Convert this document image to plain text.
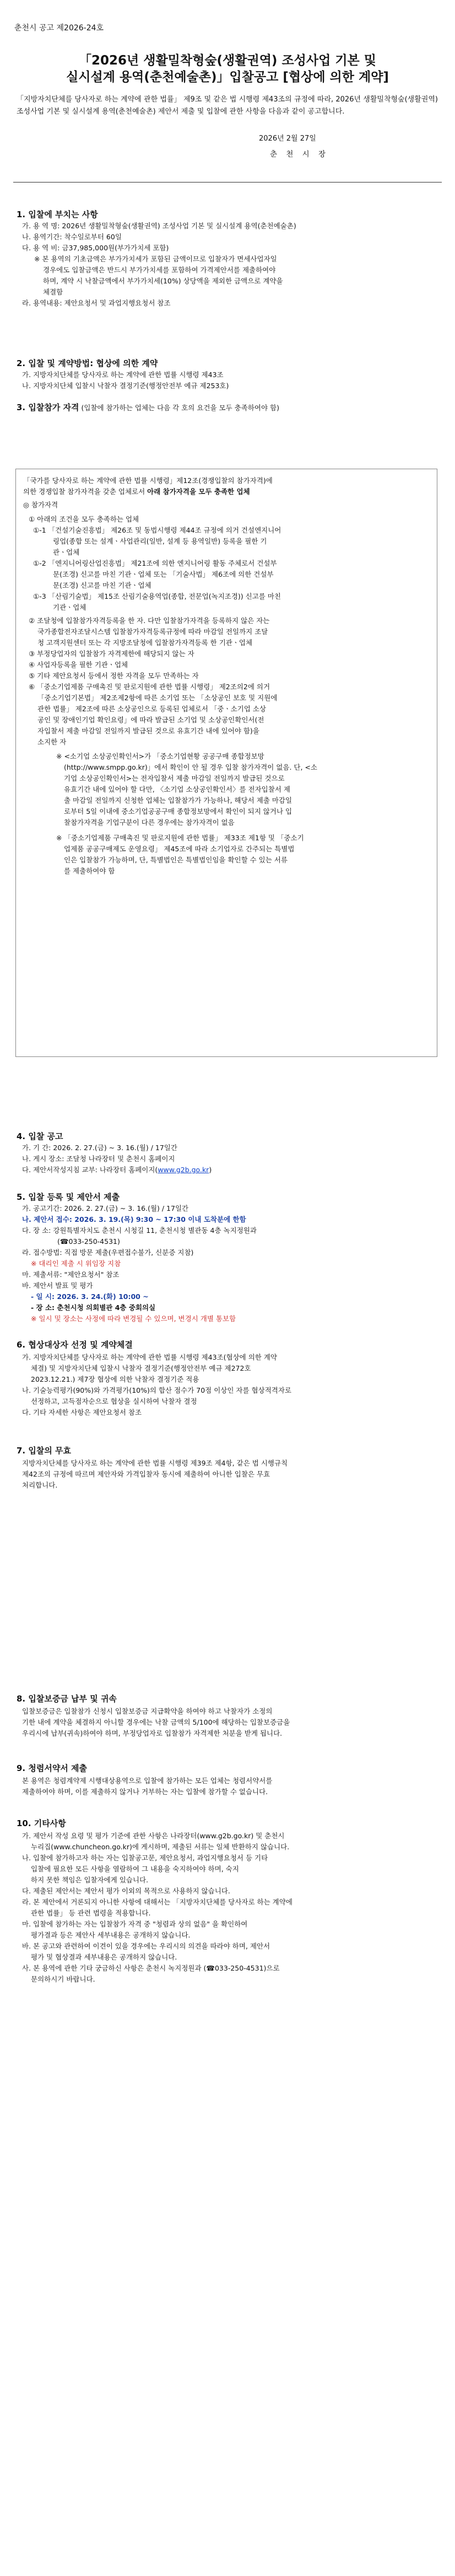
춘천시 공고 제2026-24호
「2026년 생활밀착형숲(생활권역) 조성사업 기본 및
실시설계 용역(춘천예술촌)」입찰공고 [협상에 의한 계약]
「지방자치단체를 당사자로 하는 계약에 관한 법률」 제9조 및 같은 법 시행령 제43조의 규정에 따라, 2026년 생활밀착형숲(생활권역) 조성사업 기본 및 실시설계 용역(춘천예술촌) 제안서 제출 및 입찰에 관한 사항을 다음과 같이 공고합니다.
2026년 2월 27일
춘 천 시 장
1. 입찰에 부치는 사항
가. 용 역 명: 2026년 생활밀착형숲(생활권역) 조성사업 기본 및 실시설계 용역(춘천예술촌)
나. 용역기간: 착수일로부터 60일
다. 용 역 비: 금37,985,000원(부가가치세 포함)
※ 본 용역의 기초금액은 부가가치세가 포함된 금액이므로 입찰자가 면세사업자일
경우에도 입찰금액은 반드시 부가가치세를 포함하여 가격제안서를 제출하여야
하며, 계약 시 낙찰금액에서 부가가치세(10%) 상당액을 제외한 금액으로 계약을
체결함
라. 용역내용: 제안요청서 및 과업지행요청서 참조
2. 입찰 및 계약방법: 협상에 의한 계약
가. 지방자치단체를 당사자로 하는 계약에 관한 법률 시행령 제43조
나. 지방자치단체 입찰시 낙찰자 결정기준(행정안전부 예규 제253호)
3. 입찰참가 자격 (입찰에 참가하는 업체는 다음 각 호의 요건을 모두 충족하여야 함)
「국가를 당사자로 하는 계약에 관한 법률 시행령」제12조(경쟁입찰의 참가자격)에
의한 경쟁입찰 참가자격을 갖춘 업체로서 아래 참가자격을 모두 충족한 업체
◎ 참가자격
① 아래의 조건을 모두 충족하는 업체
①-1 「건설기술진흥법」 제26조 및 동법시행령 제44조 규정에 의거 건설엔지니어
링업(종합 또는 설계ㆍ사업관리(일반, 설계 등 용역일반) 등록을 필한 기
관ㆍ업체
①-2 「엔지니어링산업진흥법」 제21조에 의한 엔지니어링 활동 주체로서 건설부
문(조경) 신고를 마친 기관ㆍ업체 또는 「기술사법」 제6조에 의한 건설부
문(조경) 신고를 마친 기관ㆍ업체
①-3 「산림기술법」 제15조 산림기술용역업(종합, 전문업(녹지조경)) 신고를 마친
기관ㆍ업체
② 조달청에 입찰참가자격등록을 한 자. 다만 입찰참가자격을 등록하지 않은 자는
국가종합전자조달시스템 입찰참가자격등록규정에 따라 마감일 전일까지 조달
청 고객지원센터 또는 각 지방조달청에 입찰참가자격등록 한 기관ㆍ업체
③ 부정당업자의 입찰참가 자격제한에 해당되지 않는 자
④ 사업자등록을 필한 기관ㆍ업체
⑤ 기타 제안요청서 등에서 정한 자격을 모두 만족하는 자
⑥ 「중소기업제품 구매촉진 및 판로지원에 관한 법률 시행령」 제2조의2에 의거
「중소기업기본법」 제2조제2항에 따른 소기업 또는 「소상공인 보호 및 지원에
관한 법률」 제2조에 따른 소상공인으로 등록된 업체로서 「중ㆍ소기업 소상
공인 및 장애인기업 확인요령」에 따라 발급된 소기업 및 소상공인확인서(전
자입찰서 제출 마감일 전일까지 발급된 것으로 유효기간 내에 있어야 함)을
소지한 자
※ <소기업 소상공인확인서>가 「중소기업현황 공공구매 종합정보망
(http://www.smpp.go.kr)」에서 확인이 안 될 경우 입찰 참가자격이 없음. 단, <소
기업 소상공인확인서>는 전자입찰서 제출 마감일 전일까지 발급된 것으로
유효기간 내에 있어야 할 다만, 〈소기업 소상공인확인서〉를 전자입찰서 제
출 마감일 전일까지 신청한 업체는 입찰참가가 가능하나, 해당서 제출 마감일
로부터 5일 이내에 중소기업공공구매 종합정보망에서 확인이 되지 않거나 입
찰참가자격을 기업구분이 다른 경우에는 참가자격이 없음
※ 「중소기업제품 구매촉진 및 판로지원에 관한 법률」 제33조 제1항 및 「중소기
업제품 공공구매제도 운영요령」 제45조에 따라 소기업자로 간주되는 특별법
인은 입찰참가 가능하며, 단, 특별법인은 특별법인임을 확인할 수 있는 서류
를 제출하여야 함
4. 입찰 공고
가. 기 간: 2026. 2. 27.(금) ~ 3. 16.(월) / 17일간
나. 게시 장소: 조달청 나라장터 및 춘천시 홈페이지
다. 제안서작성지침 교부: 나라장터 홈페이지(www.g2b.go.kr)
5. 입찰 등록 및 제안서 제출
가. 공고기간: 2026. 2. 27.(금) ~ 3. 16.(월) / 17일간
나. 제안서 접수: 2026. 3. 19.(목) 9:30 ~ 17:30 이내 도착분에 한함
다. 장 소: 강원특별자치도 춘천시 시청길 11, 춘천시청 별관동 4층 녹지정원과
(☎033-250-4531)
라. 접수방법: 직접 방문 제출(우편접수불가, 신분증 지참)
※ 대리인 제출 시 위임장 지참
마. 제출서류: "제안요청서" 참조
바. 제안서 발표 및 평가
- 일 시: 2026. 3. 24.(화) 10:00 ~
- 장 소: 춘천시청 의회별관 4층 중회의실
※ 일시 및 장소는 사정에 따라 변경될 수 있으며, 변경시 개별 통보함
6. 협상대상자 선정 및 계약체결
가. 지방자치단체를 당사자로 하는 계약에 관한 법률 시행령 제43조(협상에 의한 계약
체결) 및 지방자치단체 입찰시 낙찰자 결정기준(행정안전부 예규 제272호
2023.12.21.) 제7장 협상에 의한 낙찰자 결정기준 적용
나. 기술능력평가(90%)와 가격평가(10%)의 합산 점수가 70점 이상인 자를 협상적격자로
선정하고, 고득점자순으로 협상을 실시하여 낙찰자 결정
다. 기타 자세한 사항은 제안요청서 참조
7. 입찰의 무효
지방자치단체를 당사자로 하는 계약에 관한 법률 시행령 제39조 제4항, 같은 법 시행규칙
제42조의 규정에 따르며 제안자와 가격입찰자 동시에 제출하여 아니한 입찰은 무효
처리합니다.
8. 입찰보증금 납부 및 귀속
입찰보증금은 입찰참가 신청시 입찰보증금 지급확약을 하여야 하고 낙찰자가 소정의
기한 내에 계약을 체결하지 아니할 경우에는 낙찰 금액의 5/100에 해당하는 입찰보증금을
우리시에 납부(귀속)하여야 하며, 부정당업자로 입찰참가 자격제한 처분을 받게 됩니다.
9. 청렴서약서 제출
본 용역은 청렴계약제 시행대상용역으로 입찰에 참가하는 모든 업체는 청렴서약서를
제출하여야 하며, 이를 제출하지 않거나 거부하는 자는 입찰에 참가할 수 없습니다.
10. 기타사항
가. 제안서 작성 요령 및 평가 기준에 관한 사항은 나라장터(www.g2b.go.kr) 및 춘천시
누리집(www.chuncheon.go.kr)에 게시하며, 제출된 서류는 일체 반환하지 않습니다.
나. 입찰에 참가하고자 하는 자는 입찰공고문, 제안요청서, 과업지행요청서 등 기타
입찰에 필요한 모든 사항을 열람하여 그 내용을 숙지하여야 하며, 숙지
하지 못한 책임은 입찰자에게 있습니다.
다. 제출된 제안서는 제안서 평가 이외의 목적으로 사용하지 않습니다.
라. 본 제안에서 거론되지 아니한 사항에 대해서는 「지방자치단체를 당사자로 하는 계약에
관한 법률」 등 관련 법령을 적용합니다.
마. 입찰에 참가하는 자는 입찰참가 자격 중 "청렴과 상의 없음" 을 확인하여
평가결과 등은 제안사 세부내용은 공개하지 않습니다.
바. 본 공고와 관련하여 이견이 있을 경우에는 우리시의 의견을 따라야 하며, 제안서
평가 및 협상결과 세부내용은 공개하지 않습니다.
사. 본 용역에 관한 기타 궁금하신 사항은 춘천시 녹지정원과 (☎033-250-4531)으로
문의하시기 바랍니다.
